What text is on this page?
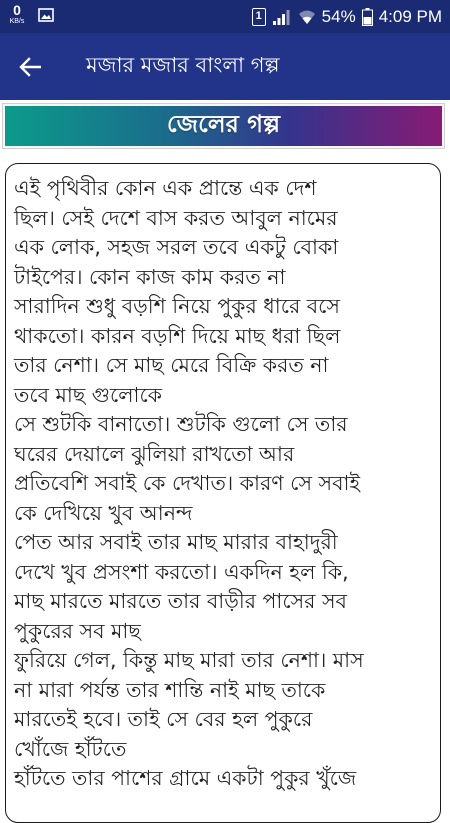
0
KB/s	1	54% 4:09 PM
মজার মজার বাংলা গল্প
জেলের গল্প

এই পৃথিবীর কোন এক প্রান্তে এক দেশ
ছিল। সেই দেশে বাস করত আবুল নামের
এক লোক, সহজ সরল তবে একটু বোকা
টাইপের। কোন কাজ কাম করত না
সারাদিন শুধু বড়শি নিয়ে পুকুর ধারে বসে
থাকতো। কারন বড়শি দিয়ে মাছ ধরা ছিল
তার নেশা। সে মাছ মেরে বিক্রি করত না
তবে মাছ গুলোকে
সে শুটকি বানাতো। শুটকি গুলো সে তার
ঘরের দেয়ালে ঝুলিয়া রাখতো আর
প্রতিবেশি সবাই কে দেখাত। কারণ সে সবাই
কে দেখিয়ে খুব আনন্দ
পেত আর সবাই তার মাছ মারার বাহাদুরী
দেখে খুব প্রসংশা করতো। একদিন হল কি,
মাছ মারতে মারতে তার বাড়ীর পাসের সব
পুকুরের সব মাছ
ফুরিয়ে গেল, কিন্তু মাছ মারা তার নেশা। মাস
না মারা পর্যন্ত তার শান্তি নাই মাছ তাকে
মারতেই হবে। তাই সে বের হল পুকুরে
খোঁজে হাঁটতে
হাঁটতে তার পাশের গ্রামে একটা পুকুর খুঁজে
